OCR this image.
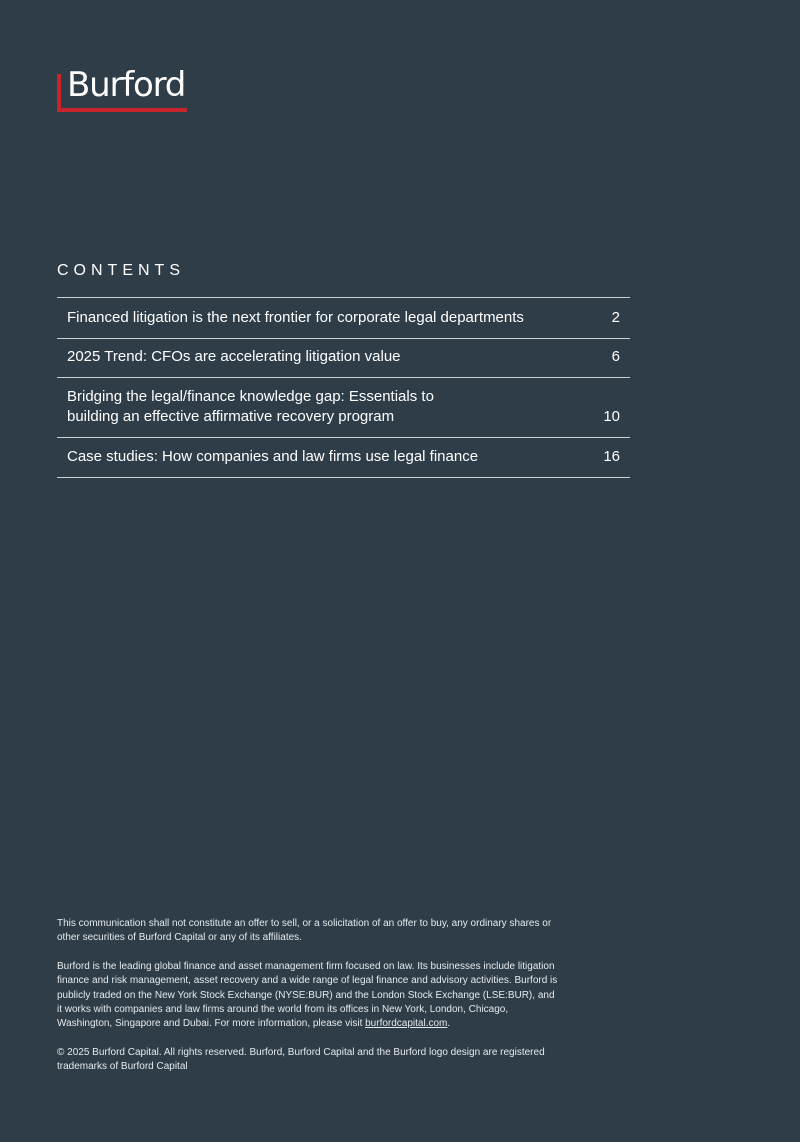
Burford
CONTENTS
Financed litigation is the next frontier for corporate legal departments	2
2025 Trend: CFOs are accelerating litigation value	6
Bridging the legal/finance knowledge gap: Essentials to
building an effective affirmative recovery program	10
Case studies: How companies and law firms use legal finance	16

This communication shall not constitute an offer to sell, or a solicitation of an offer to buy, any ordinary shares or other securities of Burford Capital or any of its affiliates.

Burford is the leading global finance and asset management firm focused on law. Its businesses include litigation finance and risk management, asset recovery and a wide range of legal finance and advisory activities. Burford is publicly traded on the New York Stock Exchange (NYSE:BUR) and the London Stock Exchange (LSE:BUR), and it works with companies and law firms around the world from its offices in New York, London, Chicago, Washington, Singapore and Dubai. For more information, please visit burfordcapital.com.

© 2025 Burford Capital. All rights reserved. Burford, Burford Capital and the Burford logo design are registered trademarks of Burford Capital
